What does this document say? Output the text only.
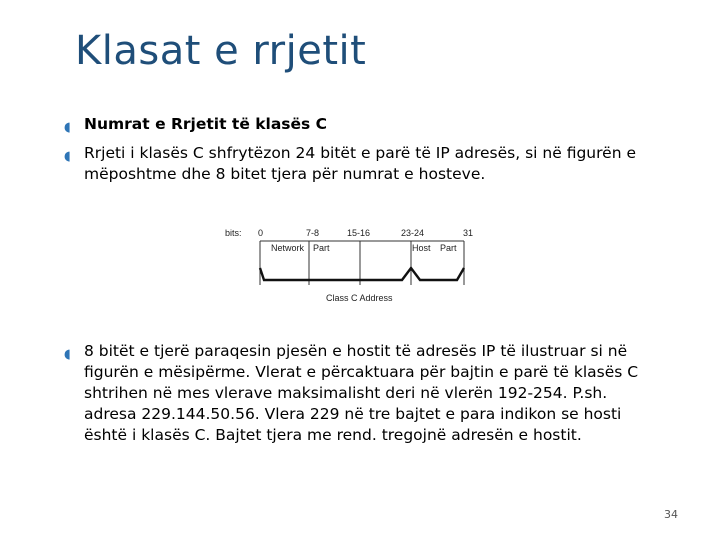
Klasat e rrjetit
◖ Numrat e Rrjetit të klasës C
◖ Rrjeti i klasës C shfrytëzon 24 bitët e parë të IP adresës, si në figurën e mëposhtme dhe 8 bitet tjera për numrat e hosteve.
bits: 0	7-8	15-16	23-24	31
Network Part	Host Part
Class C Address
◖ 8 bitët e tjerë paraqesin pjesën e hostit të adresës IP të ilustruar si në figurën e mësipërme. Vlerat e përcaktuara për bajtin e parë të klasës C shtrihen në mes vlerave maksimalisht deri në vlerën 192-254. P.sh. adresa 229.144.50.56. Vlera 229 në tre bajtet e para indikon se hosti është i klasës C. Bajtet tjera me rend. tregojnë adresën e hostit.
34
